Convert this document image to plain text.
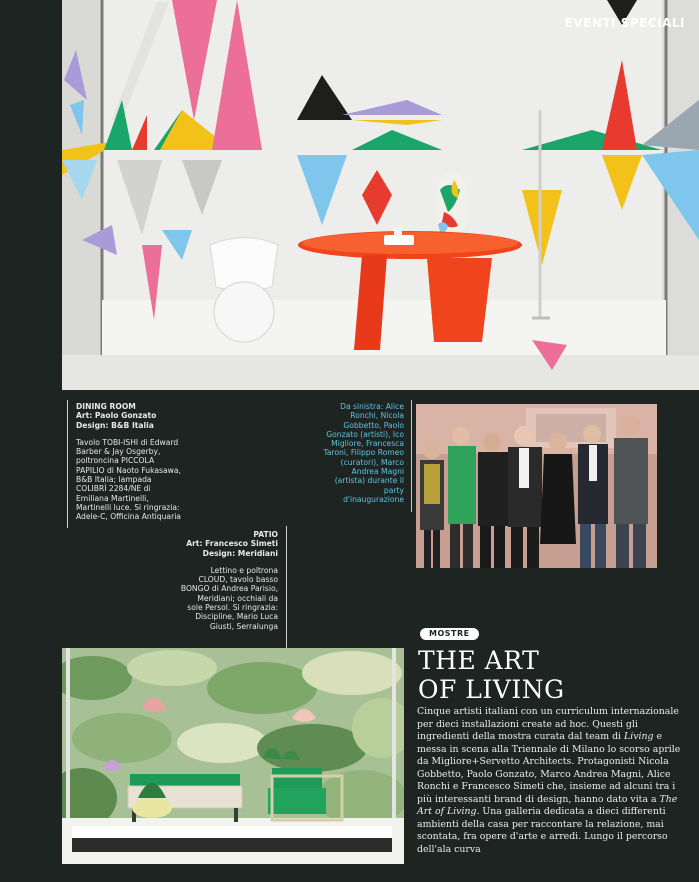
EVENTI SPECIALI
DINING ROOM
Art: Paolo Gonzato
Design: B&B Italia
Tavolo TOBI-ISHI di Edward Barber & Jay Osgerby, poltroncina PICCOLA PAPILIO di Naoto Fukasawa, B&B Italia; lampada COLIBRÌ 2284/NE di Emiliana Martinelli, Martinelli luce. Si ringrazia: Adele-C, Officina Antiquaria
Da sinistra: Alice Ronchi, Nicola Gobbetto, Paolo Gonzato (artisti), Ico Migliore, Francesca Taroni, Filippo Romeo (curatori), Marco Andrea Magni (artista) durante il party d'inaugurazione
PATIO
Art: Francesco Simeti
Design: Meridiani
Lettino e poltrona CLOUD, tavolo basso BONGO di Andrea Parisio, Meridiani; occhiali da sole Persol. Si ringrazia: Discipline, Mario Luca Giusti, Serralunga
MOSTRE
THE ART
OF LIVING
Cinque artisti italiani con un curriculum internazionale per dieci installazioni create ad hoc. Questi gli ingredienti della mostra curata dal team di Living e messa in scena alla Triennale di Milano lo scorso aprile da Migliore+Servetto Architects. Protagonisti Nicola Gobbetto, Paolo Gonzato, Marco Andrea Magni, Alice Ronchi e Francesco Simeti che, insieme ad alcuni tra i più interessanti brand di design, hanno dato vita a The Art of Living. Una galleria dedicata a dieci differenti ambienti della casa per raccontare la relazione, mai scontata, fra opere d'arte e arredi. Lungo il percorso dell'ala curva
